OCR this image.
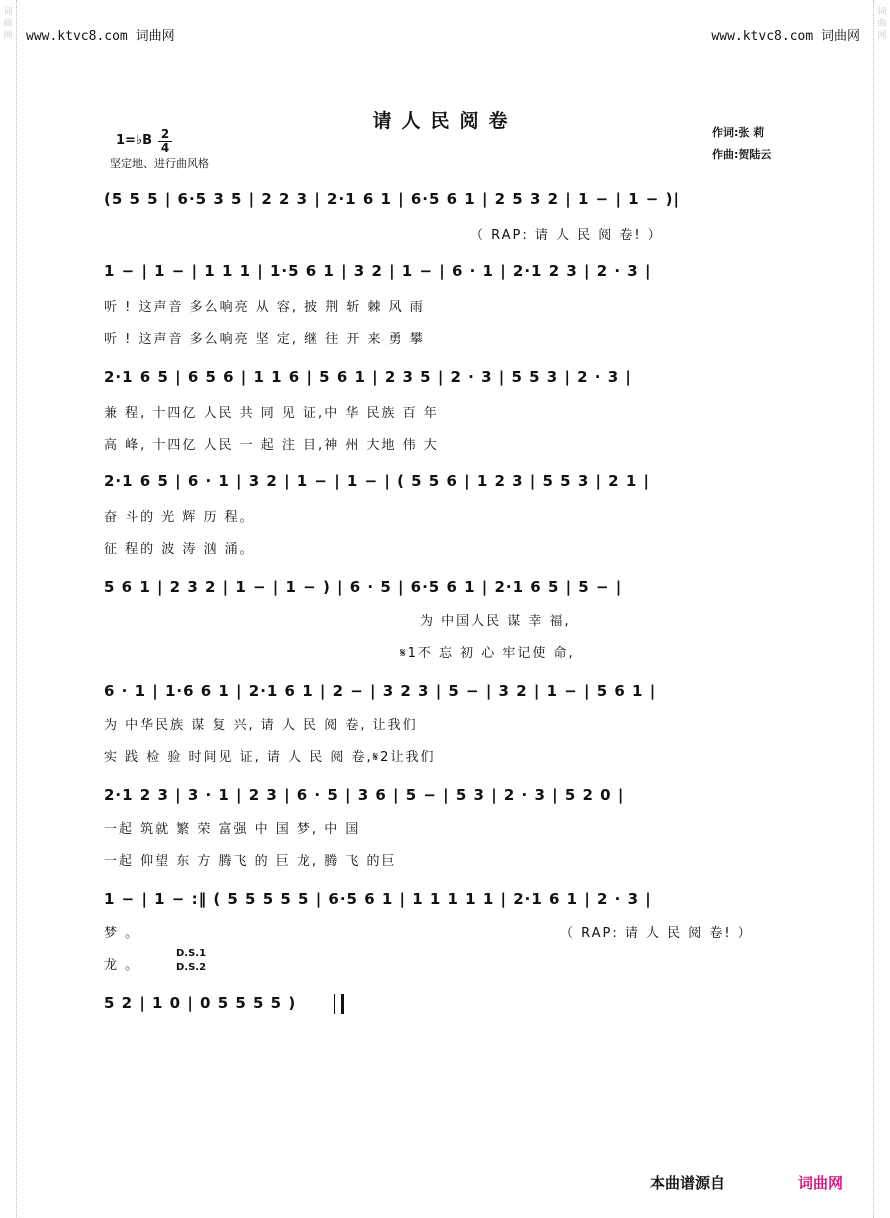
词
曲
网
词
曲
网
www.ktvc8.com 词曲网	www.ktvc8.com 词曲网
请人民阅卷
1=♭B 2
4
坚定地、进行曲风格
作词:张 莉
作曲:贺陆云
(5 5 5 | 6·5 3 5 | 2 2 3 | 2·1 6 1 | 6·5 6 1 | 2 5 3 2 | 1 − | 1 − )|
（ RAP: 请 人 民 阅 卷! ）
1 − | 1 − | 1 1 1 | 1·5 6 1 | 3 2 | 1 − | 6 · 1 | 2·1 2 3 | 2 · 3 |
听 ! 这声音 多么响亮 从 容, 披 荆 斩 棘 风 雨
听 ! 这声音 多么响亮 坚 定, 继 往 开 来 勇 攀
2·1 6 5 | 6 5 6 | 1 1 6 | 5 6 1 | 2 3 5 | 2 · 3 | 5 5 3 | 2 · 3 |
兼 程, 十四亿 人民 共 同 见 证,中 华 民族 百 年
高 峰, 十四亿 人民 一 起 注 目,神 州 大地 伟 大
2·1 6 5 | 6 · 1 | 3 2 | 1 − | 1 − | ( 5 5 6 | 1 2 3 | 5 5 3 | 2 1 |
奋 斗的 光 辉 历 程。
征 程的 波 涛 汹 涌。
5 6 1 | 2 3 2 | 1 − | 1 − ) | 6 · 5 | 6·5 6 1 | 2·1 6 5 | 5 − |
为 中国人民 谋 幸 福,
𝄋1不 忘 初 心 牢记使 命,
6 · 1 | 1·6 6 1 | 2·1 6 1 | 2 − | 3 2 3 | 5 − | 3 2 | 1 − | 5 6 1 |
为 中华民族 谋 复 兴, 请 人 民 阅 卷, 让我们
实 践 检 验 时间见 证, 请 人 民 阅 卷,𝄋2让我们
2·1 2 3 | 3 · 1 | 2 3 | 6 · 5 | 3 6 | 5 − | 5 3 | 2 · 3 | 5 2 0 |
一起 筑就 繁 荣 富强 中 国 梦, 中 国
一起 仰望 东 方 腾飞 的 巨 龙, 腾 飞 的巨
1 − | 1 − :‖ ( 5 5 5 5 5 | 6·5 6 1 | 1 1 1 1 1 | 2·1 6 1 | 2 · 3 |
梦 。	（ RAP: 请 人 民 阅 卷! ）
龙 。
D.S.1
D.S.2
5 2 | 1 0 | 0 5 5 5 5 )
本曲谱源自	词曲网
